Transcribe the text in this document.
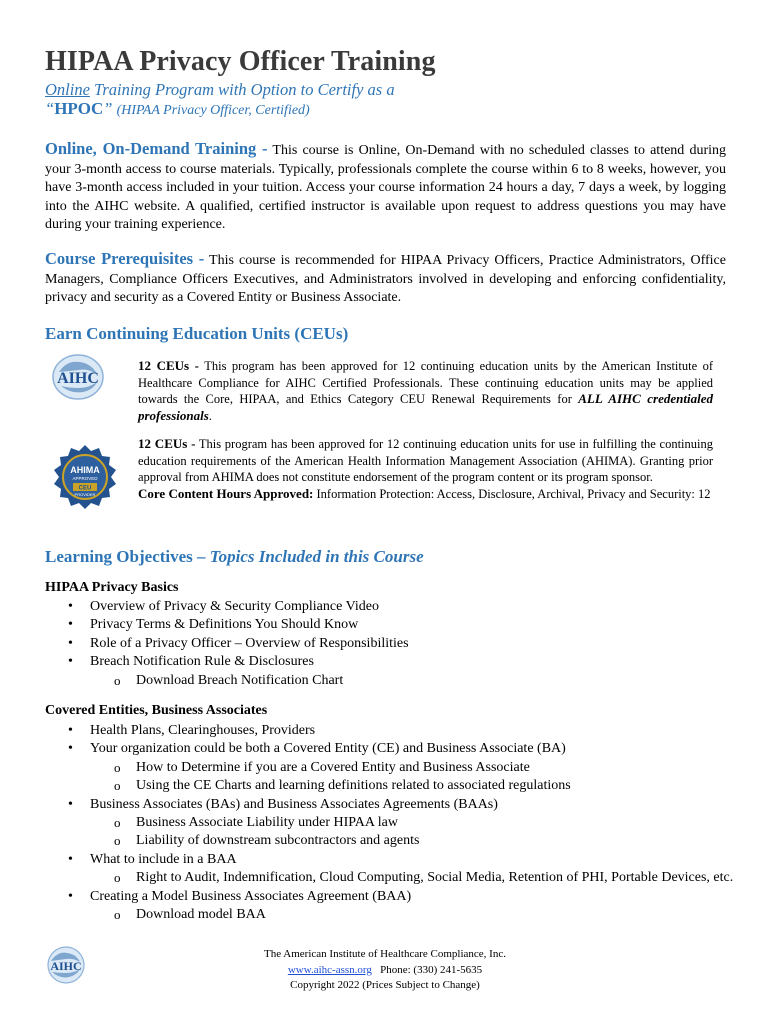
HIPAA Privacy Officer Training
Online Training Program with Option to Certify as a
“HPOC” (HIPAA Privacy Officer, Certified)
Online, On-Demand Training - This course is Online, On-Demand with no scheduled classes to attend during your 3-month access to course materials. Typically, professionals complete the course within 6 to 8 weeks, however, you have 3-month access included in your tuition. Access your course information 24 hours a day, 7 days a week, by logging into the AIHC website. A qualified, certified instructor is available upon request to address questions you may have during your training experience.
Course Prerequisites - This course is recommended for HIPAA Privacy Officers, Practice Administrators, Office Managers, Compliance Officers Executives, and Administrators involved in developing and enforcing confidentiality, privacy and security as a Covered Entity or Business Associate.
Earn Continuing Education Units (CEUs)
AIHC
12 CEUs - This program has been approved for 12 continuing education units by the American Institute of Healthcare Compliance for AIHC Certified Professionals. These continuing education units may be applied towards the Core, HIPAA, and Ethics Category CEU Renewal Requirements for ALL AIHC credentialed professionals.
AHIMA
APPROVED
CEU
PROVIDER
12 CEUs - This program has been approved for 12 continuing education units for use in fulfilling the continuing education requirements of the American Health Information Management Association (AHIMA). Granting prior approval from AHIMA does not constitute endorsement of the program content or its program sponsor.
Core Content Hours Approved: Information Protection: Access, Disclosure, Archival, Privacy and Security: 12
Learning Objectives – Topics Included in this Course
HIPAA Privacy Basics
• Overview of Privacy & Security Compliance Video
• Privacy Terms & Definitions You Should Know
• Role of a Privacy Officer – Overview of Responsibilities
• Breach Notification Rule & Disclosures
o Download Breach Notification Chart
Covered Entities, Business Associates
• Health Plans, Clearinghouses, Providers
• Your organization could be both a Covered Entity (CE) and Business Associate (BA)
o How to Determine if you are a Covered Entity and Business Associate
o Using the CE Charts and learning definitions related to associated regulations
• Business Associates (BAs) and Business Associates Agreements (BAAs)
o Business Associate Liability under HIPAA law
o Liability of downstream subcontractors and agents
• What to include in a BAA
o Right to Audit, Indemnification, Cloud Computing, Social Media, Retention of PHI, Portable Devices, etc.
• Creating a Model Business Associates Agreement (BAA)
o Download model BAA
AIHC
The American Institute of Healthcare Compliance, Inc.
www.aihc-assn.org   Phone: (330) 241-5635
Copyright 2022 (Prices Subject to Change)
